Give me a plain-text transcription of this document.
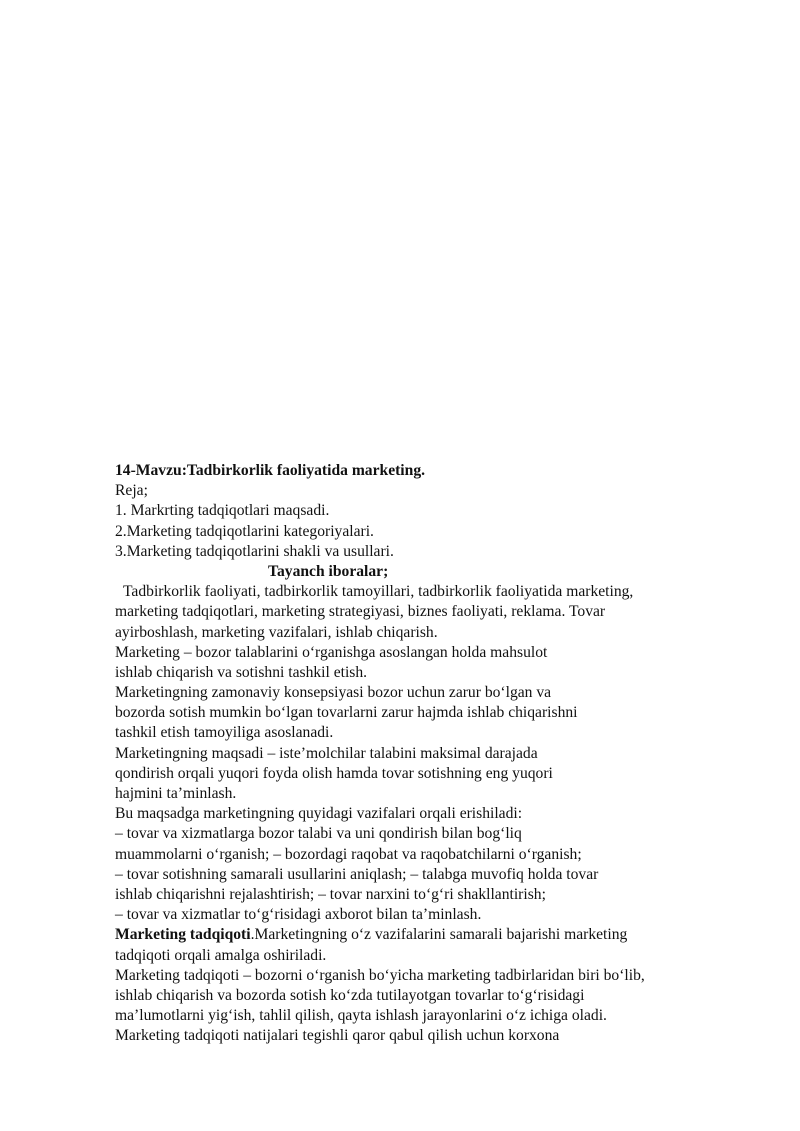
14-Mavzu:Tadbirkorlik faoliyatida marketing.
Reja;
1. Markrting tadqiqotlari maqsadi.
2.Marketing tadqiqotlarini kategoriyalari.
3.Marketing tadqiqotlarini shakli va usullari.
Tayanch iboralar;
Tadbirkorlik faoliyati, tadbirkorlik tamoyillari, tadbirkorlik faoliyatida marketing,
marketing tadqiqotlari, marketing strategiyasi, biznes faoliyati, reklama. Tovar
ayirboshlash, marketing vazifalari, ishlab chiqarish.
Marketing – bozor talablarini o‘rganishga asoslangan holda mahsulot
ishlab chiqarish va sotishni tashkil etish.
Marketingning zamonaviy konsepsiyasi bozor uchun zarur bo‘lgan va
bozorda sotish mumkin bo‘lgan tovarlarni zarur hajmda ishlab chiqarishni
tashkil etish tamoyiliga asoslanadi.
Marketingning maqsadi – iste’molchilar talabini maksimal darajada
qondirish orqali yuqori foyda olish hamda tovar sotishning eng yuqori
hajmini ta’minlash.
Bu maqsadga marketingning quyidagi vazifalari orqali erishiladi:
– tovar va xizmatlarga bozor talabi va uni qondirish bilan bog‘liq
muammolarni o‘rganish; – bozordagi raqobat va raqobatchilarni o‘rganish;
– tovar sotishning samarali usullarini aniqlash; – talabga muvofiq holda tovar
ishlab chiqarishni rejalashtirish; – tovar narxini to‘g‘ri shakllantirish;
– tovar va xizmatlar to‘g‘risidagi axborot bilan ta’minlash.
Marketing tadqiqoti.Marketingning o‘z vazifalarini samarali bajarishi marketing
tadqiqoti orqali amalga oshiriladi.
Marketing tadqiqoti – bozorni o‘rganish bo‘yicha marketing tadbirlaridan biri bo‘lib,
ishlab chiqarish va bozorda sotish ko‘zda tutilayotgan tovarlar to‘g‘risidagi
ma’lumotlarni yig‘ish, tahlil qilish, qayta ishlash jarayonlarini o‘z ichiga oladi.
Marketing tadqiqoti natijalari tegishli qaror qabul qilish uchun korxona
